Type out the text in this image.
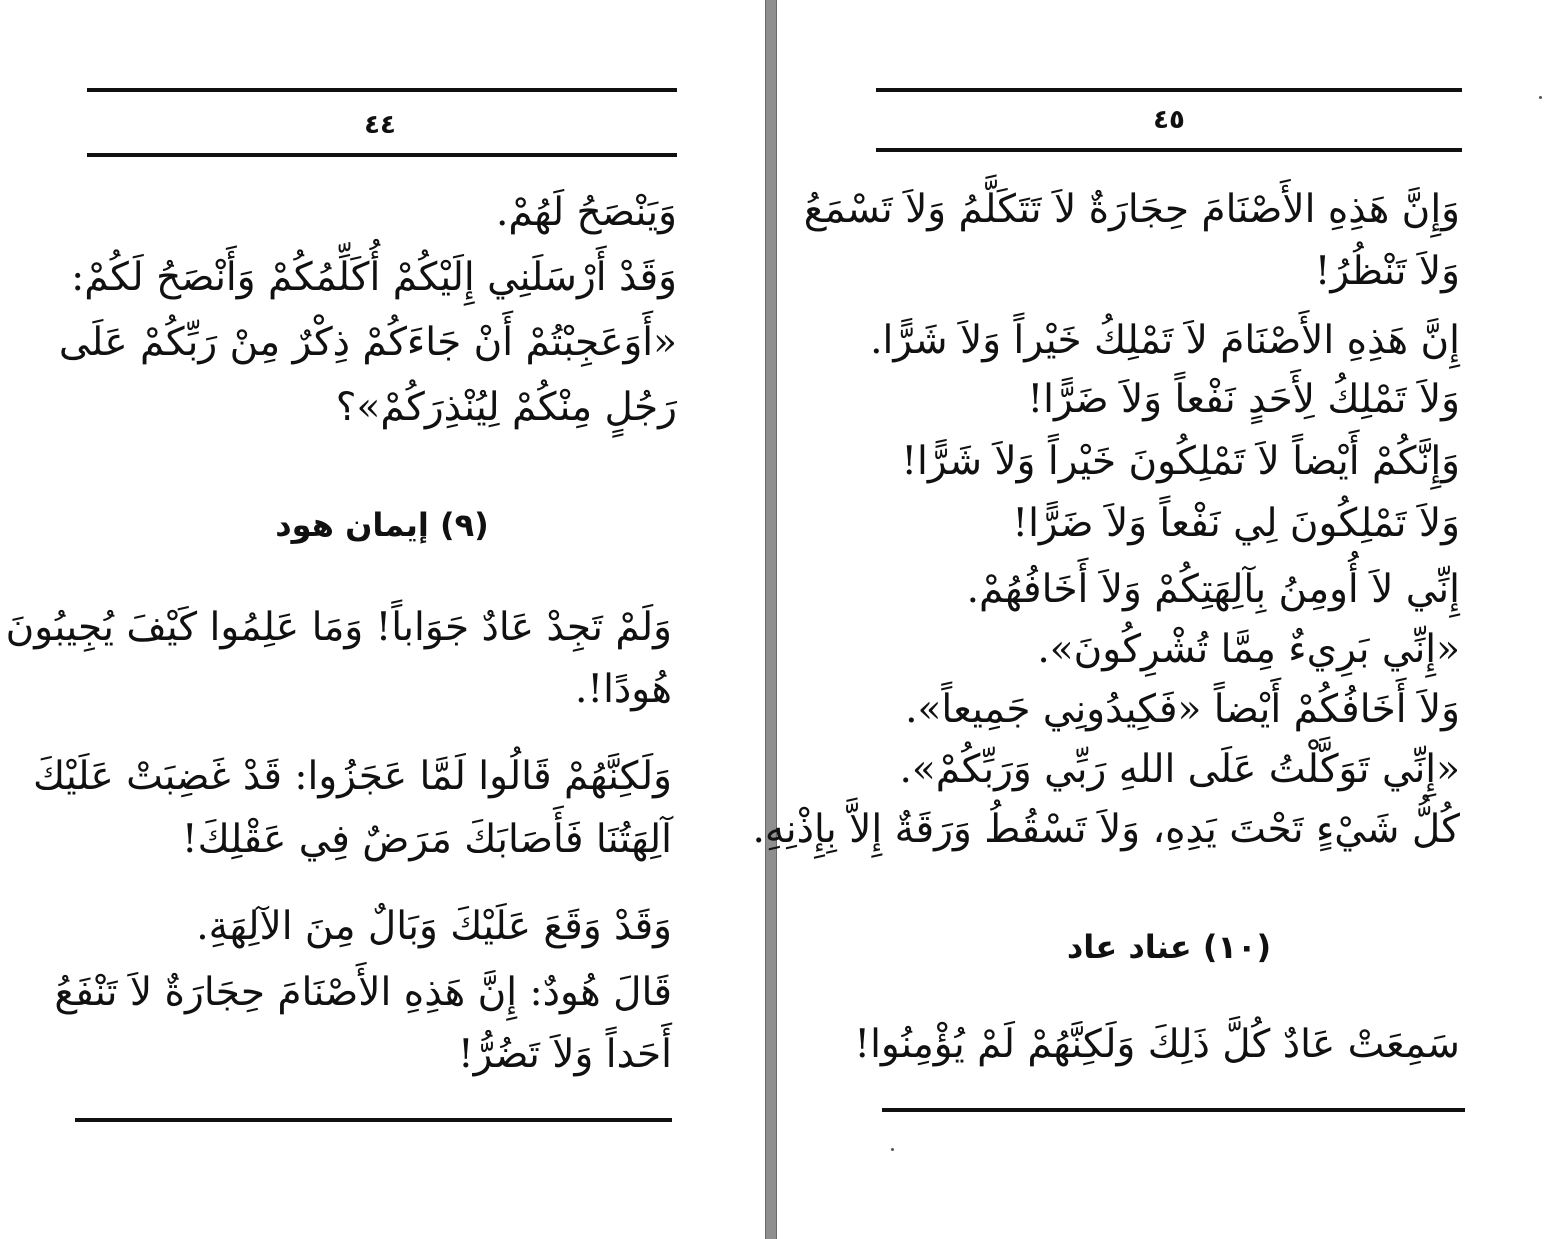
٤٤
وَيَنْصَحُ لَهُمْ.
وَقَدْ أَرْسَلَنِي إِلَيْكُمْ أُكَلِّمُكُمْ وَأَنْصَحُ لَكُمْ:
«أَوَعَجِبْتُمْ أَنْ جَاءَكُمْ ذِكْرٌ مِنْ رَبِّكُمْ عَلَى
رَجُلٍ مِنْكُمْ لِيُنْذِرَكُمْ»؟
(٩) إيمان هود
وَلَمْ تَجِدْ عَادٌ جَوَاباً! وَمَا عَلِمُوا كَيْفَ يُجِيبُونَ
هُودًا!.
وَلَكِنَّهُمْ قَالُوا لَمَّا عَجَزُوا: قَدْ غَضِبَتْ عَلَيْكَ
آلِهَتُنَا فَأَصَابَكَ مَرَضٌ فِي عَقْلِكَ!
وَقَدْ وَقَعَ عَلَيْكَ وَبَالٌ مِنَ الآلِهَةِ.
قَالَ هُودٌ: إِنَّ هَذِهِ الأَصْنَامَ حِجَارَةٌ لاَ تَنْفَعُ
أَحَداً وَلاَ تَضُرُّ!
٤٥
وَإِنَّ هَذِهِ الأَصْنَامَ حِجَارَةٌ لاَ تَتَكَلَّمُ وَلاَ تَسْمَعُ
وَلاَ تَنْظُرُ!
إِنَّ هَذِهِ الأَصْنَامَ لاَ تَمْلِكُ خَيْراً وَلاَ شَرًّا.
وَلاَ تَمْلِكُ لِأَحَدٍ نَفْعاً وَلاَ ضَرًّا!
وَإِنَّكُمْ أَيْضاً لاَ تَمْلِكُونَ خَيْراً وَلاَ شَرًّا!
وَلاَ تَمْلِكُونَ لِي نَفْعاً وَلاَ ضَرًّا!
إِنِّي لاَ أُومِنُ بِآلِهَتِكُمْ وَلاَ أَخَافُهُمْ.
«إِنِّي بَرِيءٌ مِمَّا تُشْرِكُونَ».
وَلاَ أَخَافُكُمْ أَيْضاً «فَكِيدُونِي جَمِيعاً».
«إِنِّي تَوَكَّلْتُ عَلَى اللهِ رَبِّي وَرَبِّكُمْ».
كُلُّ شَيْءٍ تَحْتَ يَدِهِ، وَلاَ تَسْقُطُ وَرَقَةٌ إِلاَّ بِإِذْنِهِ.
(١٠) عناد عاد
سَمِعَتْ عَادٌ كُلَّ ذَلِكَ وَلَكِنَّهُمْ لَمْ يُؤْمِنُوا!
